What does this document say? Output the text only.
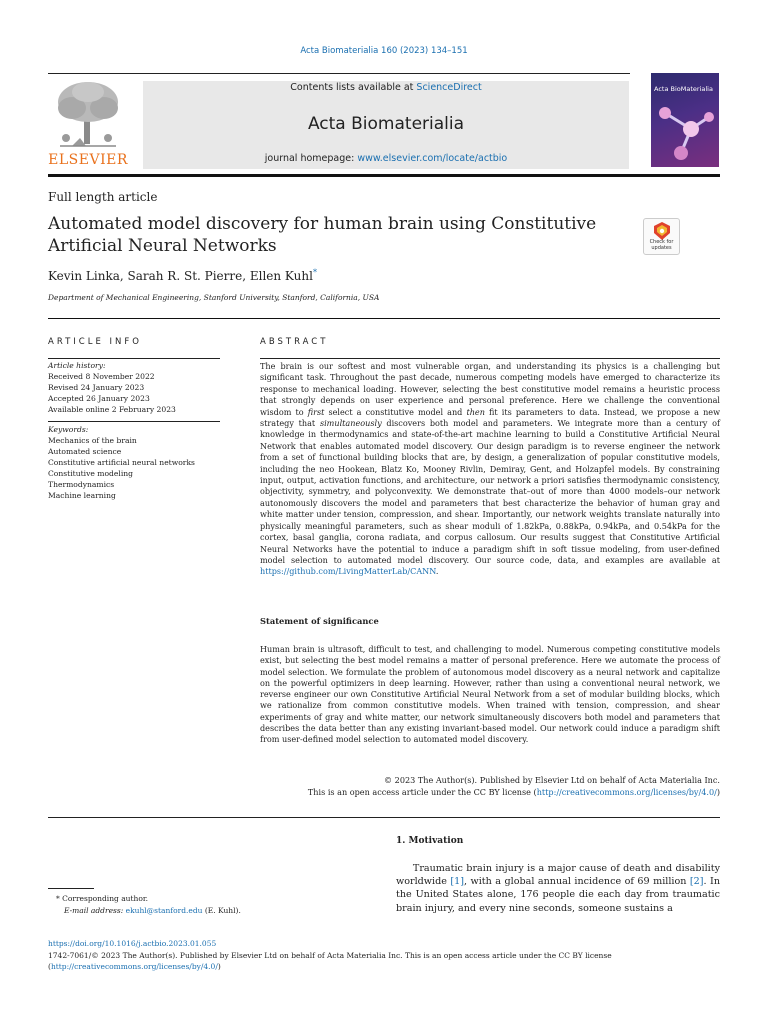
Acta Biomaterialia 160 (2023) 134–151
ELSEVIER
Contents lists available at ScienceDirect
Acta Biomaterialia
journal homepage: www.elsevier.com/locate/actbio
Acta BioMaterialia
Full length article
Automated model discovery for human brain using Constitutive
Artificial Neural Networks	Check for updates
Kevin Linka, Sarah R. St. Pierre, Ellen Kuhl*
Department of Mechanical Engineering, Stanford University, Stanford, California, USA
ARTICLE INFO
Article history:
Received 8 November 2022
Revised 24 January 2023
Accepted 26 January 2023
Available online 2 February 2023
Keywords:
Mechanics of the brain
Automated science
Constitutive artificial neural networks
Constitutive modeling
Thermodynamics
Machine learning
ABSTRACT
The brain is our softest and most vulnerable organ, and understanding its physics is a challenging but significant task. Throughout the past decade, numerous competing models have emerged to characterize its response to mechanical loading. However, selecting the best constitutive model remains a heuristic process that strongly depends on user experience and personal preference. Here we challenge the conventional wisdom to first select a constitutive model and then fit its parameters to data. Instead, we propose a new strategy that simultaneously discovers both model and parameters. We integrate more than a century of knowledge in thermodynamics and state-of-the-art machine learning to build a Constitutive Artificial Neural Network that enables automated model discovery. Our design paradigm is to reverse engineer the network from a set of functional building blocks that are, by design, a generalization of popular constitutive models, including the neo Hookean, Blatz Ko, Mooney Rivlin, Demiray, Gent, and Holzapfel models. By constraining input, output, activation functions, and architecture, our network a priori satisfies thermodynamic consistency, objectivity, symmetry, and polyconvexity. We demonstrate that–out of more than 4000 models–our network autonomously discovers the model and parameters that best characterize the behavior of human gray and white matter under tension, compression, and shear. Importantly, our network weights translate naturally into physically meaningful parameters, such as shear moduli of 1.82kPa, 0.88kPa, 0.94kPa, and 0.54kPa for the cortex, basal ganglia, corona radiata, and corpus callosum. Our results suggest that Constitutive Artificial Neural Networks have the potential to induce a paradigm shift in soft tissue modeling, from user-defined model selection to automated model discovery. Our source code, data, and examples are available at https://github.com/LivingMatterLab/CANN.
Statement of significance
Human brain is ultrasoft, difficult to test, and challenging to model. Numerous competing constitutive models exist, but selecting the best model remains a matter of personal preference. Here we automate the process of model selection. We formulate the problem of autonomous model discovery as a neural network and capitalize on the powerful optimizers in deep learning. However, rather than using a conventional neural network, we reverse engineer our own Constitutive Artificial Neural Network from a set of modular building blocks, which we rationalize from common constitutive models. When trained with tension, compression, and shear experiments of gray and white matter, our network simultaneously discovers both model and parameters that describes the data better than any existing invariant-based model. Our network could induce a paradigm shift from user-defined model selection to automated model discovery.
© 2023 The Author(s). Published by Elsevier Ltd on behalf of Acta Materialia Inc.
This is an open access article under the CC BY license (http://creativecommons.org/licenses/by/4.0/)
1. Motivation
Traumatic brain injury is a major cause of death and disability worldwide [1], with a global annual incidence of 69 million [2]. In the United States alone, 176 people die each day from traumatic brain injury, and every nine seconds, someone sustains a
* Corresponding author.
E-mail address: ekuhl@stanford.edu (E. Kuhl).
https://doi.org/10.1016/j.actbio.2023.01.055
1742-7061/© 2023 The Author(s). Published by Elsevier Ltd on behalf of Acta Materialia Inc. This is an open access article under the CC BY license
(http://creativecommons.org/licenses/by/4.0/)
